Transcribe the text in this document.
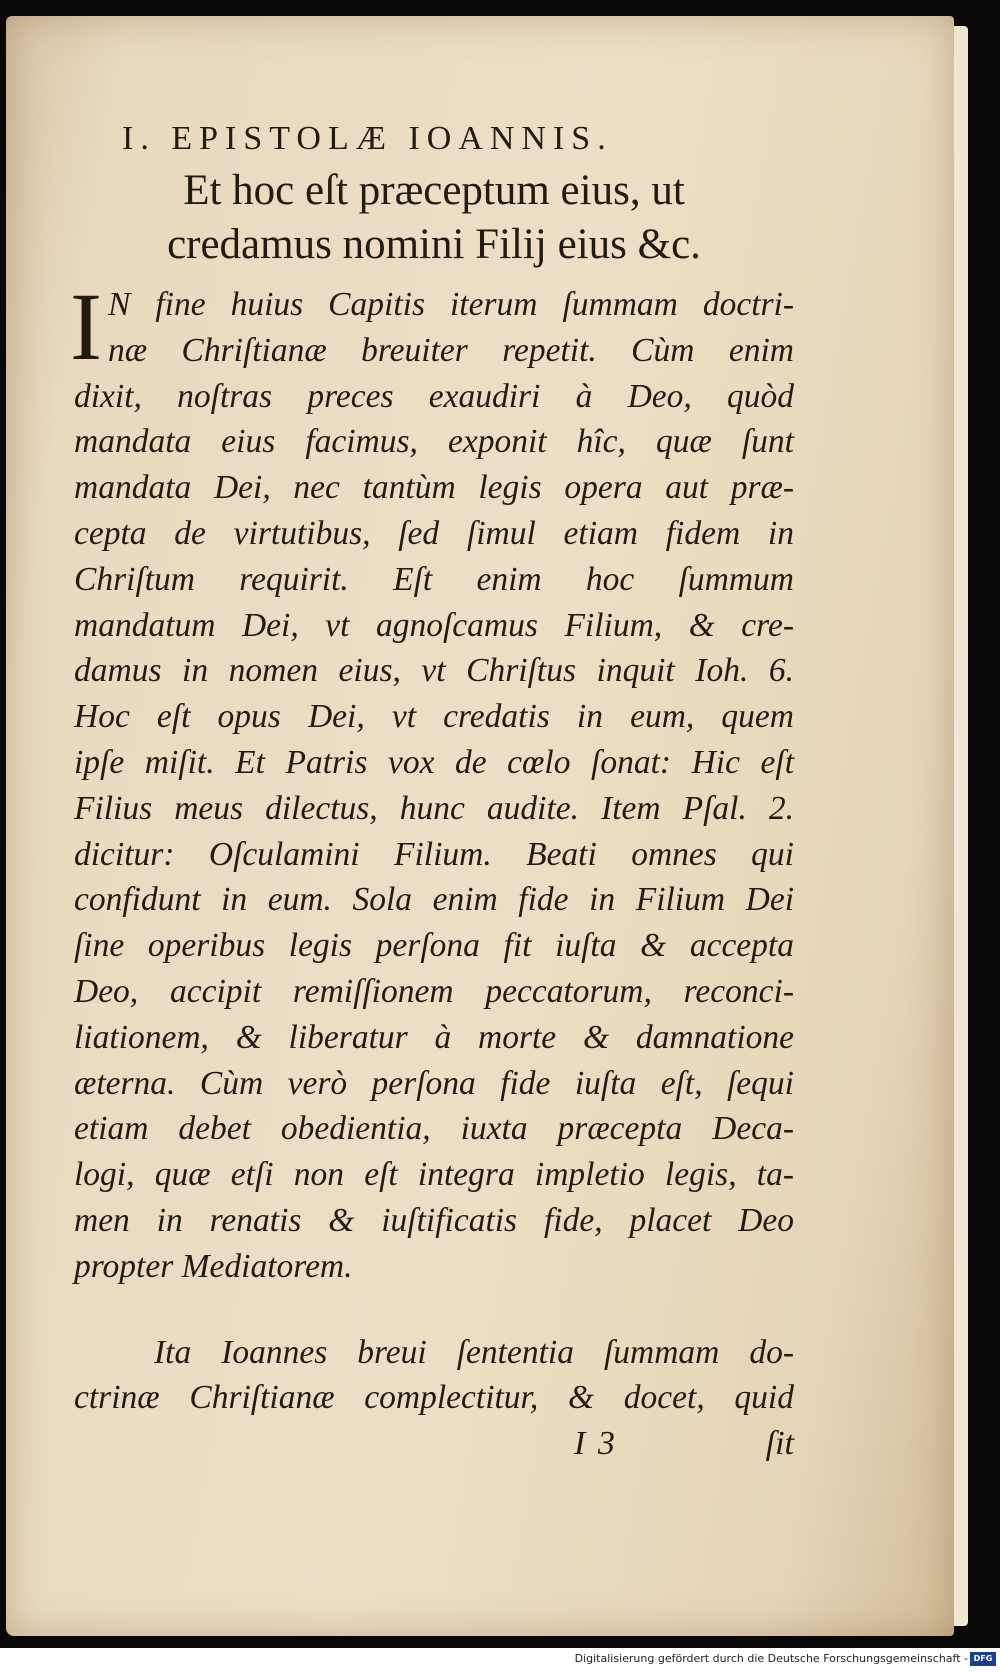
I. EPISTOLÆ IOANNIS.
Et hoc eſt præceptum eius, ut
credamus nomini Filij eius &c.
I N fine huius Capitis iterum ſummam doctri-
næ Chriſtianæ breuiter repetit. Cùm enim
dixit, noſtras preces exaudiri à Deo, quòd
mandata eius facimus, exponit hîc, quæ ſunt
mandata Dei, nec tantùm legis opera aut præ-
cepta de virtutibus, ſed ſimul etiam fidem in
Chriſtum requirit. Eſt enim hoc ſummum
mandatum Dei, vt agnoſcamus Filium, & cre-
damus in nomen eius, vt Chriſtus inquit Ioh. 6.
Hoc eſt opus Dei, vt credatis in eum, quem
ipſe miſit. Et Patris vox de cœlo ſonat: Hic eſt
Filius meus dilectus, hunc audite. Item Pſal. 2.
dicitur: Oſculamini Filium. Beati omnes qui
confidunt in eum. Sola enim fide in Filium Dei
ſine operibus legis perſona fit iuſta & accepta
Deo, accipit remiſſionem peccatorum, reconci-
liationem, & liberatur à morte & damnatione
æterna. Cùm verò perſona fide iuſta eſt, ſequi
etiam debet obedientia, iuxta præcepta Deca-
logi, quæ etſi non eſt integra impletio legis, ta-
men in renatis & iuſtificatis fide, placet Deo
propter Mediatorem.
Ita Ioannes breui ſententia ſummam do-
ctrinæ Chriſtianæ complectitur, & docet, quid
I 3	ſit
Digitalisierung gefördert durch die Deutsche Forschungsgemeinschaft - DFG
